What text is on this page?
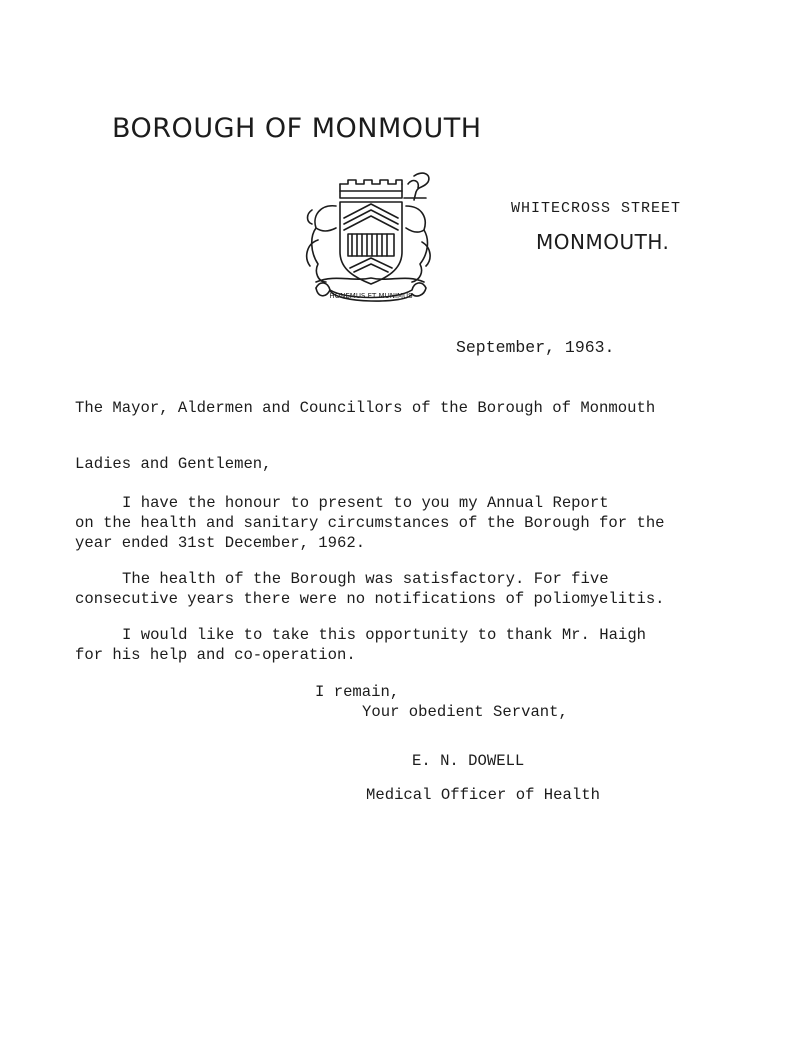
BOROUGH OF MONMOUTH
HONEMUS ET MUNIMUS
WHITECROSS STREET
MONMOUTH.
September, 1963.
The Mayor, Aldermen and Councillors of the Borough of Monmouth
Ladies and Gentlemen,
I have the honour to present to you my Annual Report
on the health and sanitary circumstances of the Borough for the
year ended 31st December, 1962.
The health of the Borough was satisfactory. For five
consecutive years there were no notifications of poliomyelitis.
I would like to take this opportunity to thank Mr. Haigh
for his help and co-operation.
I remain,
Your obedient Servant,
E. N. DOWELL
Medical Officer of Health
